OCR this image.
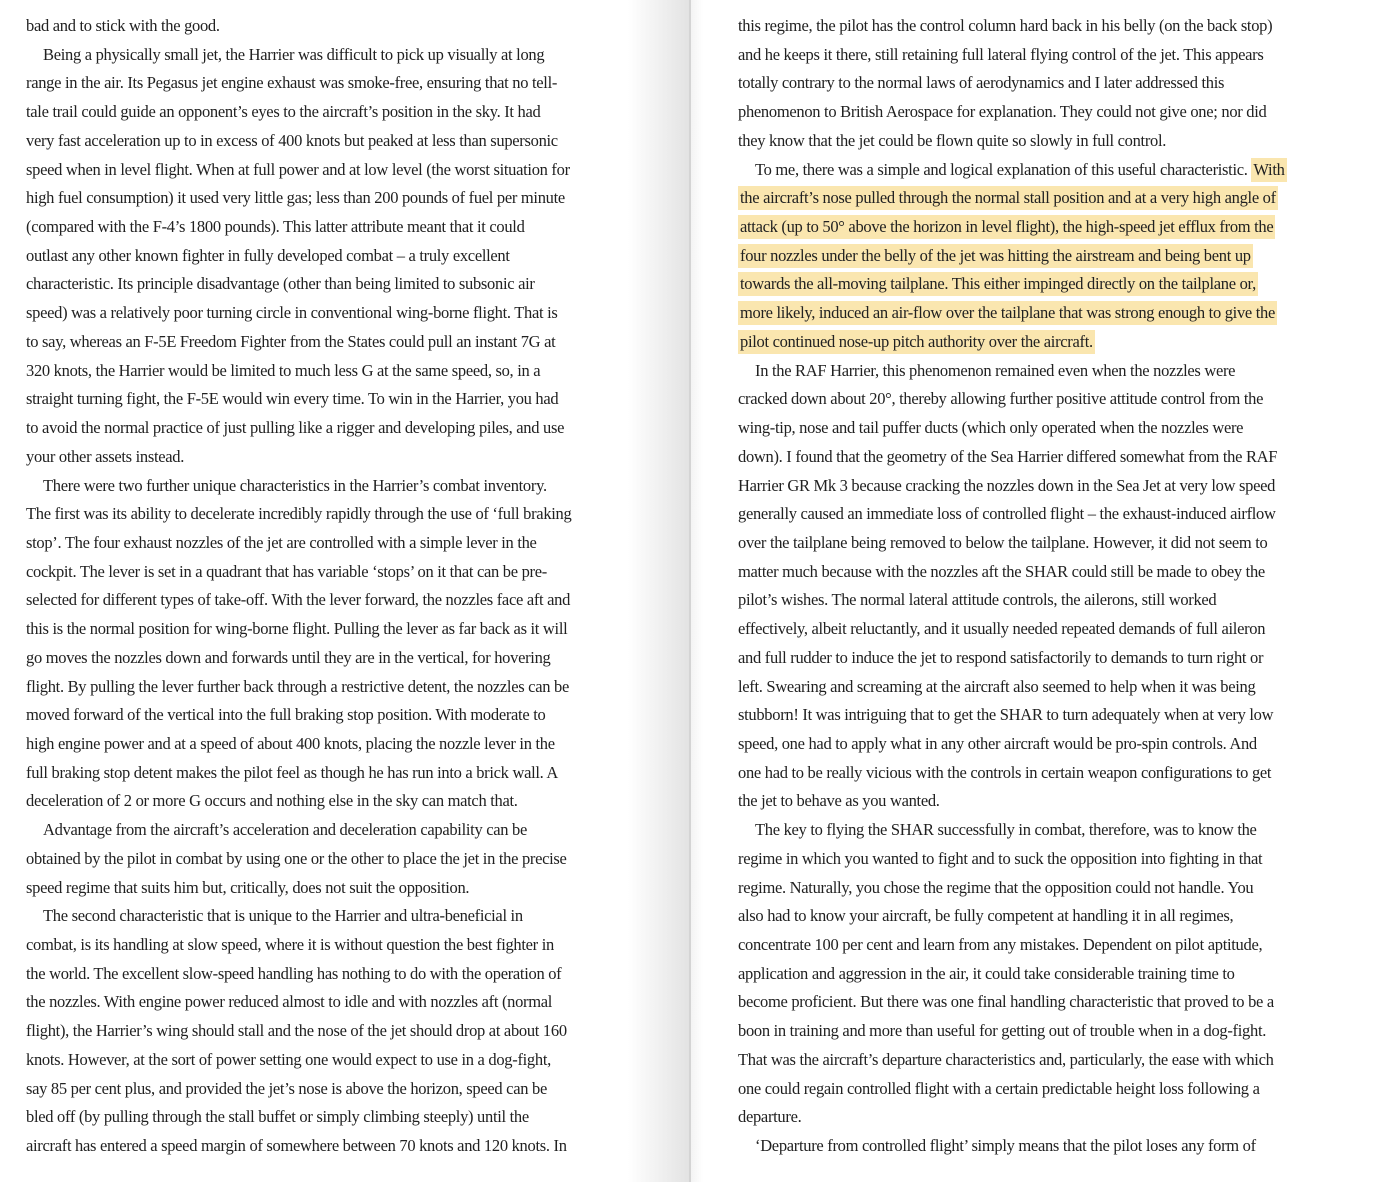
bad and to stick with the good.
Being a physically small jet, the Harrier was difficult to pick up visually at long
range in the air. Its Pegasus jet engine exhaust was smoke-free, ensuring that no tell-
tale trail could guide an opponent’s eyes to the aircraft’s position in the sky. It had
very fast acceleration up to in excess of 400 knots but peaked at less than supersonic
speed when in level flight. When at full power and at low level (the worst situation for
high fuel consumption) it used very little gas; less than 200 pounds of fuel per minute
(compared with the F-4’s 1800 pounds). This latter attribute meant that it could
outlast any other known fighter in fully developed combat – a truly excellent
characteristic. Its principle disadvantage (other than being limited to subsonic air
speed) was a relatively poor turning circle in conventional wing-borne flight. That is
to say, whereas an F-5E Freedom Fighter from the States could pull an instant 7G at
320 knots, the Harrier would be limited to much less G at the same speed, so, in a
straight turning fight, the F-5E would win every time. To win in the Harrier, you had
to avoid the normal practice of just pulling like a rigger and developing piles, and use
your other assets instead.
There were two further unique characteristics in the Harrier’s combat inventory.
The first was its ability to decelerate incredibly rapidly through the use of ‘full braking
stop’. The four exhaust nozzles of the jet are controlled with a simple lever in the
cockpit. The lever is set in a quadrant that has variable ‘stops’ on it that can be pre-
selected for different types of take-off. With the lever forward, the nozzles face aft and
this is the normal position for wing-borne flight. Pulling the lever as far back as it will
go moves the nozzles down and forwards until they are in the vertical, for hovering
flight. By pulling the lever further back through a restrictive detent, the nozzles can be
moved forward of the vertical into the full braking stop position. With moderate to
high engine power and at a speed of about 400 knots, placing the nozzle lever in the
full braking stop detent makes the pilot feel as though he has run into a brick wall. A
deceleration of 2 or more G occurs and nothing else in the sky can match that.
Advantage from the aircraft’s acceleration and deceleration capability can be
obtained by the pilot in combat by using one or the other to place the jet in the precise
speed regime that suits him but, critically, does not suit the opposition.
The second characteristic that is unique to the Harrier and ultra-beneficial in
combat, is its handling at slow speed, where it is without question the best fighter in
the world. The excellent slow-speed handling has nothing to do with the operation of
the nozzles. With engine power reduced almost to idle and with nozzles aft (normal
flight), the Harrier’s wing should stall and the nose of the jet should drop at about 160
knots. However, at the sort of power setting one would expect to use in a dog-fight,
say 85 per cent plus, and provided the jet’s nose is above the horizon, speed can be
bled off (by pulling through the stall buffet or simply climbing steeply) until the
aircraft has entered a speed margin of somewhere between 70 knots and 120 knots. In
this regime, the pilot has the control column hard back in his belly (on the back stop)
and he keeps it there, still retaining full lateral flying control of the jet. This appears
totally contrary to the normal laws of aerodynamics and I later addressed this
phenomenon to British Aerospace for explanation. They could not give one; nor did
they know that the jet could be flown quite so slowly in full control.
To me, there was a simple and logical explanation of this useful characteristic. With
the aircraft’s nose pulled through the normal stall position and at a very high angle of
attack (up to 50° above the horizon in level flight), the high-speed jet efflux from the
four nozzles under the belly of the jet was hitting the airstream and being bent up
towards the all-moving tailplane. This either impinged directly on the tailplane or,
more likely, induced an air-flow over the tailplane that was strong enough to give the
pilot continued nose-up pitch authority over the aircraft.
In the RAF Harrier, this phenomenon remained even when the nozzles were
cracked down about 20°, thereby allowing further positive attitude control from the
wing-tip, nose and tail puffer ducts (which only operated when the nozzles were
down). I found that the geometry of the Sea Harrier differed somewhat from the RAF
Harrier GR Mk 3 because cracking the nozzles down in the Sea Jet at very low speed
generally caused an immediate loss of controlled flight – the exhaust-induced airflow
over the tailplane being removed to below the tailplane. However, it did not seem to
matter much because with the nozzles aft the SHAR could still be made to obey the
pilot’s wishes. The normal lateral attitude controls, the ailerons, still worked
effectively, albeit reluctantly, and it usually needed repeated demands of full aileron
and full rudder to induce the jet to respond satisfactorily to demands to turn right or
left. Swearing and screaming at the aircraft also seemed to help when it was being
stubborn! It was intriguing that to get the SHAR to turn adequately when at very low
speed, one had to apply what in any other aircraft would be pro-spin controls. And
one had to be really vicious with the controls in certain weapon configurations to get
the jet to behave as you wanted.
The key to flying the SHAR successfully in combat, therefore, was to know the
regime in which you wanted to fight and to suck the opposition into fighting in that
regime. Naturally, you chose the regime that the opposition could not handle. You
also had to know your aircraft, be fully competent at handling it in all regimes,
concentrate 100 per cent and learn from any mistakes. Dependent on pilot aptitude,
application and aggression in the air, it could take considerable training time to
become proficient. But there was one final handling characteristic that proved to be a
boon in training and more than useful for getting out of trouble when in a dog-fight.
That was the aircraft’s departure characteristics and, particularly, the ease with which
one could regain controlled flight with a certain predictable height loss following a
departure.
‘Departure from controlled flight’ simply means that the pilot loses any form of
